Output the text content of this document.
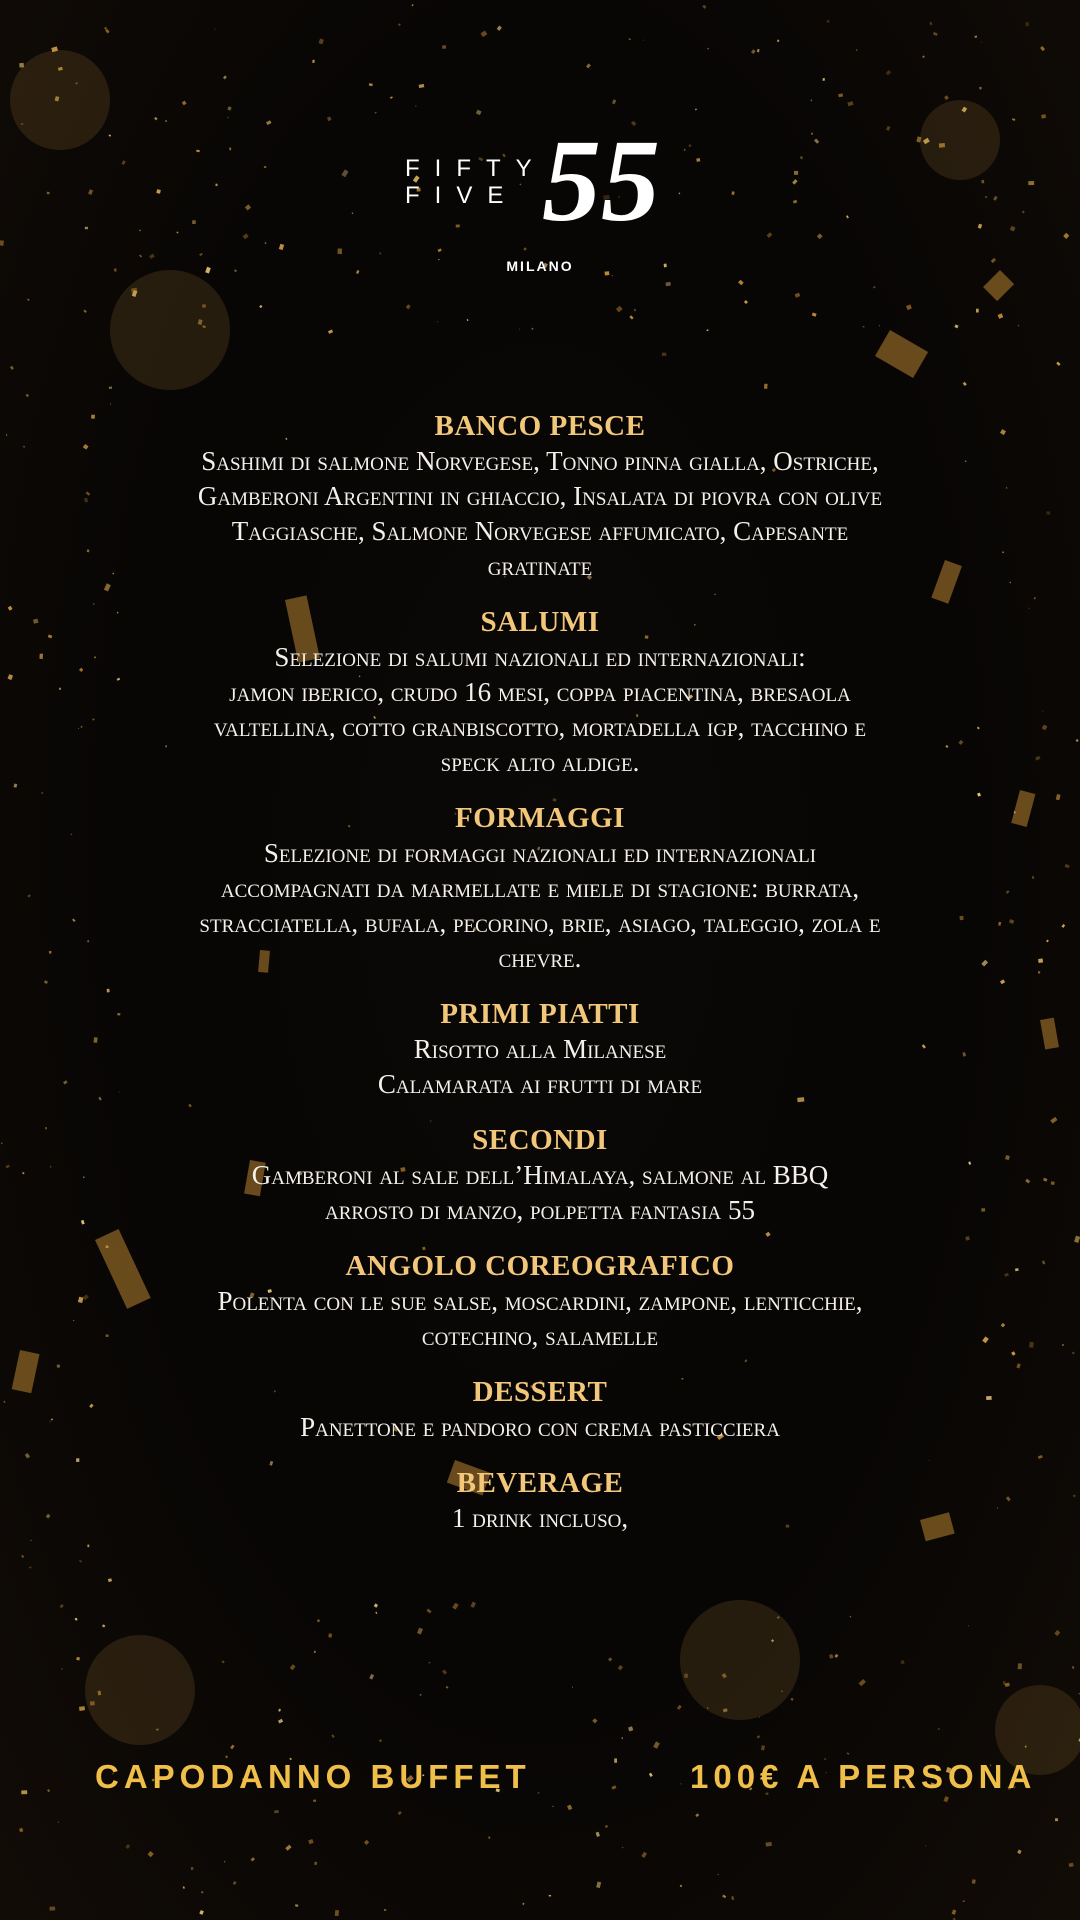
FIFTY
FIVE 55
MILANO
BANCO PESCE
Sashimi di salmone Norvegese, Tonno pinna gialla, Ostriche,
Gamberoni Argentini in ghiaccio, Insalata di piovra con olive
Taggiasche, Salmone Norvegese affumicato, Capesante
gratinate
SALUMI
Selezione di salumi nazionali ed internazionali:
jamon iberico, crudo 16 mesi, coppa piacentina, bresaola
valtellina, cotto granbiscotto, mortadella igp, tacchino e
speck alto aldige.
FORMAGGI
Selezione di formaggi nazionali ed internazionali
accompagnati da marmellate e miele di stagione: burrata,
stracciatella, bufala, pecorino, brie, asiago, taleggio, zola e
chevre.
PRIMI PIATTI
Risotto alla Milanese
Calamarata ai frutti di mare
SECONDI
Gamberoni al sale dell’Himalaya, salmone al BBQ
arrosto di manzo, polpetta fantasia 55
ANGOLO COREOGRAFICO
Polenta con le sue salse, moscardini, zampone, lenticchie,
cotechino, salamelle
DESSERT
Panettone e pandoro con crema pasticciera
BEVERAGE
1 drink incluso,
CAPODANNO BUFFET	100€ A PERSONA
